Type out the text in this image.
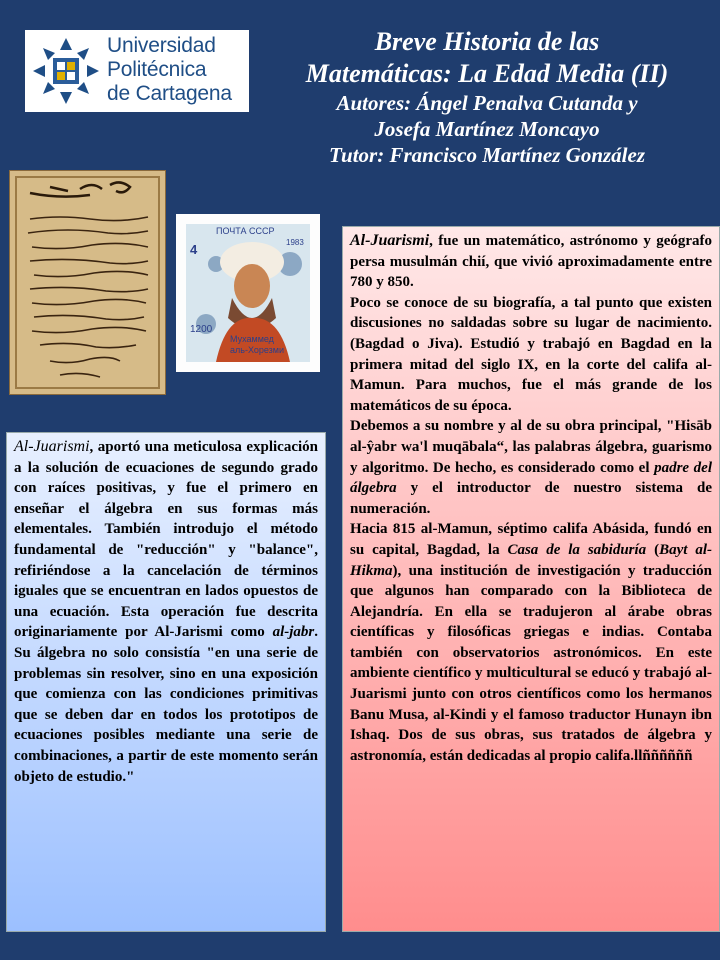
Universidad
Politécnica
de Cartagena
Breve Historia de las
Matemáticas: La Edad Media (II)
Autores: Ángel Penalva Cutanda y
Josefa Martínez Moncayo
Tutor: Francisco Martínez González
ПОЧТА СССР
1983
4
1200
Мухаммед
аль-Хорезми

Al-Juarismi, fue un matemático, astrónomo y geógrafo persa musulmán chií, que vivió aproximadamente entre 780 y 850.

Poco se conoce de su biografía, a tal punto que existen discusiones no saldadas sobre su lugar de nacimiento. (Bagdad o Jiva). Estudió y trabajó en Bagdad en la primera mitad del siglo IX, en la corte del califa al-Mamun. Para muchos, fue el más grande de los matemáticos de su época.

Debemos a su nombre y al de su obra principal, "Hisāb al-ŷabr wa'l muqābala“, las palabras álgebra, guarismo y algoritmo. De hecho, es considerado como el padre del álgebra y el introductor de nuestro sistema de numeración.

Hacia 815 al-Mamun, séptimo califa Abásida, fundó en su capital, Bagdad, la Casa de la sabiduría (Bayt al-Hikma), una institución de investigación y traducción que algunos han comparado con la Biblioteca de Alejandría. En ella se tradujeron al árabe obras científicas y filosóficas griegas e indias. Contaba también con observatorios astronómicos. En este ambiente científico y multicultural se educó y trabajó al-Juarismi junto con otros científicos como los hermanos Banu Musa, al-Kindi y el famoso traductor Hunayn ibn Ishaq. Dos de sus obras, sus tratados de álgebra y astronomía, están dedicadas al propio califa.llññññññ

Al-Juarismi, aportó una meticulosa explicación a la solución de ecuaciones de segundo grado con raíces positivas, y fue el primero en enseñar el álgebra en sus formas más elementales. También introdujo el método fundamental de "reducción" y "balance", refiriéndose a la cancelación de términos iguales que se encuentran en lados opuestos de una ecuación. Esta operación fue descrita originariamente por Al-Jarismi como al-jabr. Su álgebra no solo consistía "en una serie de problemas sin resolver, sino en una exposición que comienza con las condiciones primitivas que se deben dar en todos los prototipos de ecuaciones posibles mediante una serie de combinaciones, a partir de este momento serán objeto de estudio."
